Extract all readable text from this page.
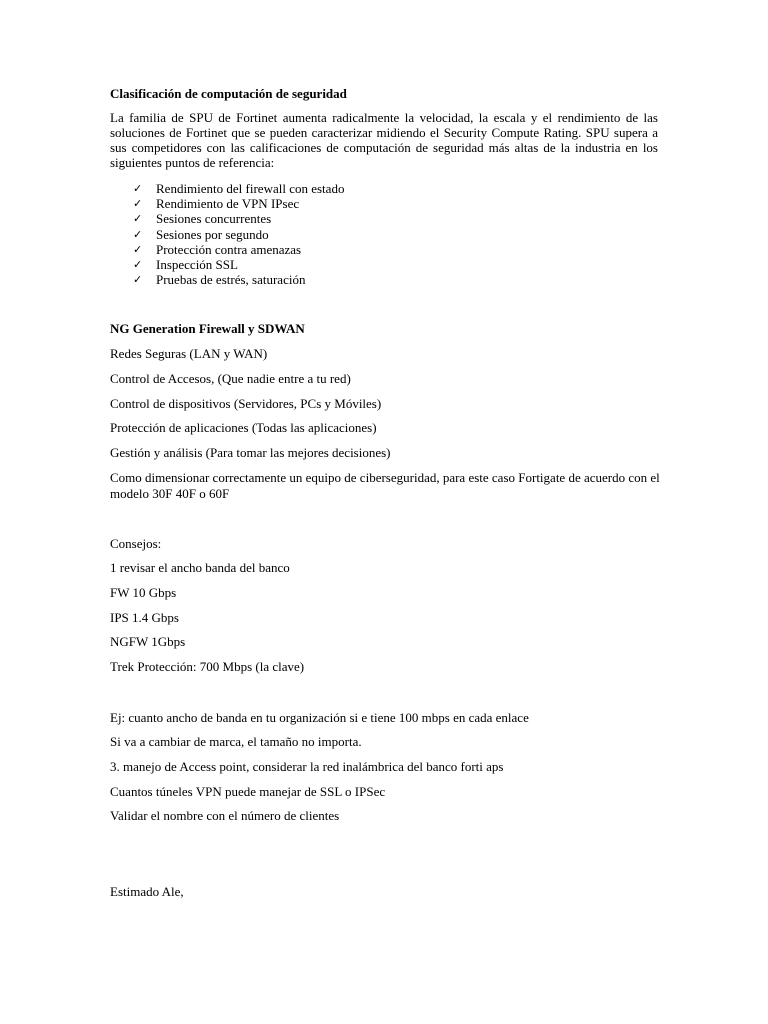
Clasificación de computación de seguridad
La familia de SPU de Fortinet aumenta radicalmente la velocidad, la escala y el rendimiento de las soluciones de Fortinet que se pueden caracterizar midiendo el Security Compute Rating. SPU supera a sus competidores con las calificaciones de computación de seguridad más altas de la industria en los siguientes puntos de referencia:
✓ Rendimiento del firewall con estado
✓ Rendimiento de VPN IPsec
✓ Sesiones concurrentes
✓ Sesiones por segundo
✓ Protección contra amenazas
✓ Inspección SSL
✓ Pruebas de estrés, saturación
NG Generation Firewall y SDWAN
Redes Seguras (LAN y WAN)
Control de Accesos, (Que nadie entre a tu red)
Control de dispositivos (Servidores, PCs y Móviles)
Protección de aplicaciones (Todas las aplicaciones)
Gestión y análisis (Para tomar las mejores decisiones)
Como dimensionar correctamente un equipo de ciberseguridad, para este caso Fortigate de acuerdo con el
modelo 30F 40F o 60F
Consejos:
1 revisar el ancho banda del banco
FW 10 Gbps
IPS 1.4 Gbps
NGFW 1Gbps
Trek Protección: 700 Mbps (la clave)
Ej: cuanto ancho de banda en tu organización si e tiene 100 mbps en cada enlace
Si va a cambiar de marca, el tamaño no importa.
3. manejo de Access point, considerar la red inalámbrica del banco forti aps
Cuantos túneles VPN puede manejar de SSL o IPSec
Validar el nombre con el número de clientes
Estimado Ale,
